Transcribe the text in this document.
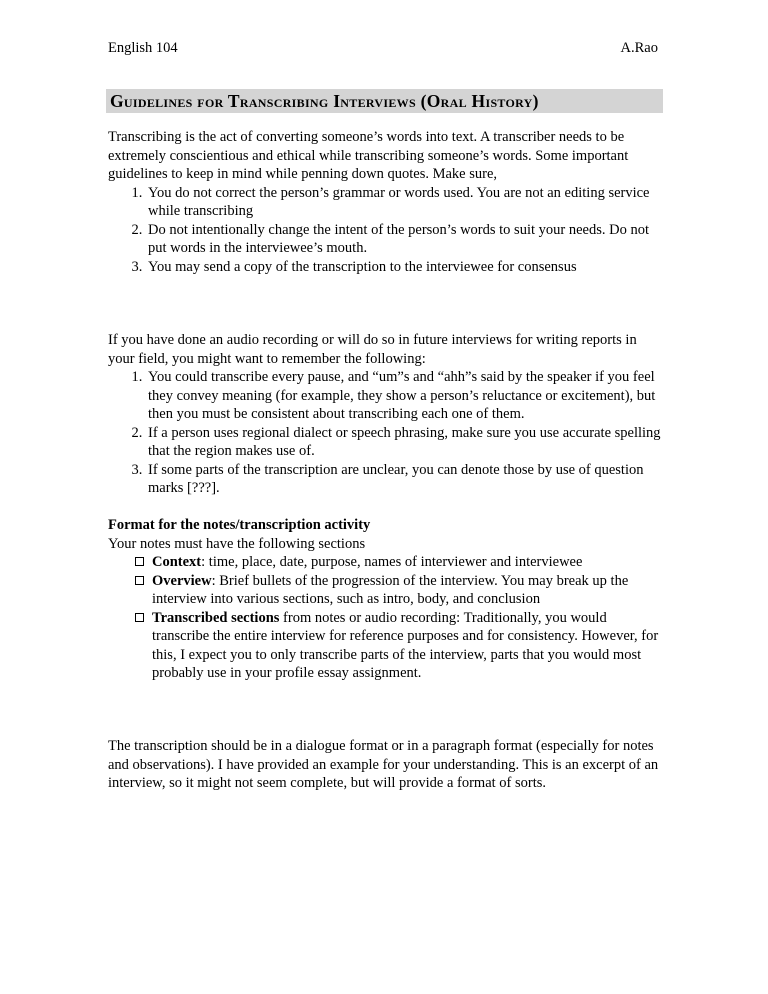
English 104	A.Rao
Guidelines for Transcribing Interviews (Oral History)

Transcribing is the act of converting someone’s words into text. A transcriber needs to be extremely conscientious and ethical while transcribing someone’s words. Some important guidelines to keep in mind while penning down quotes. Make sure,

1. You do not correct the person’s grammar or words used. You are not an editing service while transcribing
2. Do not intentionally change the intent of the person’s words to suit your needs. Do not put words in the interviewee’s mouth.
3. You may send a copy of the transcription to the interviewee for consensus

If you have done an audio recording or will do so in future interviews for writing reports in your field, you might want to remember the following:

1. You could transcribe every pause, and “um”s and “ahh”s said by the speaker if you feel they convey meaning (for example, they show a person’s reluctance or excitement), but then you must be consistent about transcribing each one of them.
2. If a person uses regional dialect or speech phrasing, make sure you use accurate spelling that the region makes use of.
3. If some parts of the transcription are unclear, you can denote those by use of question marks [???].

Format for the notes/transcription activity

Your notes must have the following sections

Context: time, place, date, purpose, names of interviewer and interviewee
Overview: Brief bullets of the progression of the interview. You may break up the interview into various sections, such as intro, body, and conclusion
Transcribed sections from notes or audio recording: Traditionally, you would transcribe the entire interview for reference purposes and for consistency. However, for this, I expect you to only transcribe parts of the interview, parts that you would most probably use in your profile essay assignment.

The transcription should be in a dialogue format or in a paragraph format (especially for notes and observations). I have provided an example for your understanding. This is an excerpt of an interview, so it might not seem complete, but will provide a format of sorts.
